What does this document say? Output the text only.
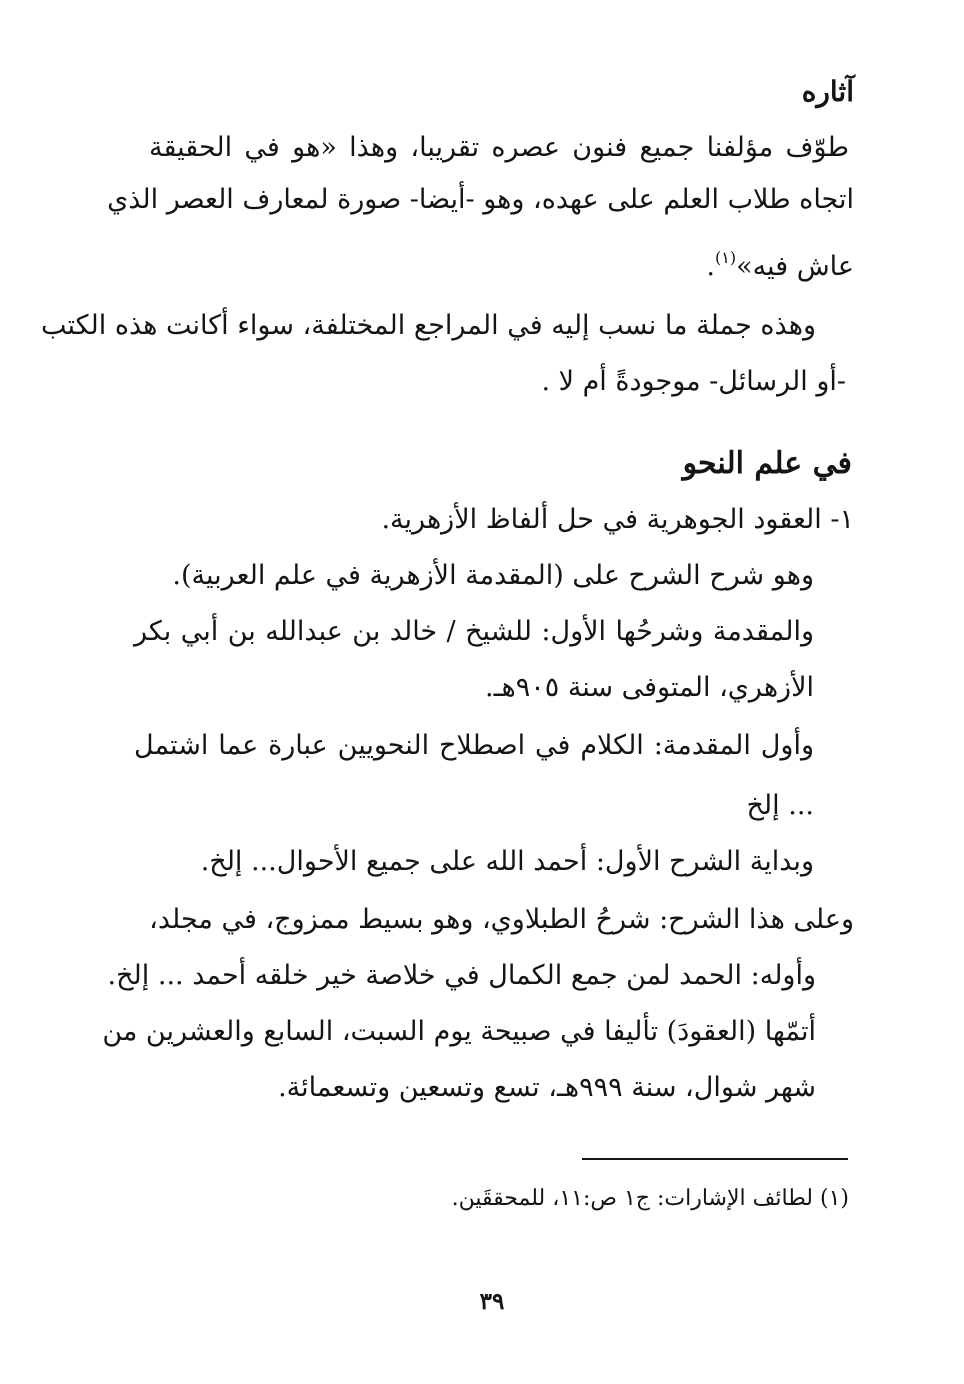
آثاره
طوّف مؤلفنا جميع فنون عصره تقريبا، وهذا «هو في الحقيقة
اتجاه طلاب العلم على عهده، وهو -أيضا- صورة لمعارف العصر الذي
عاش فيه»$^{(١)}$.
وهذه جملة ما نسب إليه في المراجع المختلفة، سواء أكانت هذه الكتب
-أو الرسائل- موجودةً أم لا .
في علم النحو
١- العقود الجوهرية في حل ألفاظ الأزهرية.
وهو شرح الشرح على (المقدمة الأزهرية في علم العربية).
والمقدمة وشرحُها الأول: للشيخ / خالد بن عبدالله بن أبي بكر
الأزهري، المتوفى سنة ٩٠٥هـ.
وأول المقدمة: الكلام في اصطلاح النحويين عبارة عما اشتمل
... إلخ
وبداية الشرح الأول: أحمد الله على جميع الأحوال... إلخ.
وعلى هذا الشرح: شرحُ الطبلاوي، وهو بسيط ممزوج، في مجلد،
وأوله: الحمد لمن جمع الكمال في خلاصة خير خلقه أحمد ... إلخ.
أتمّها (العقودَ) تأليفا في صبيحة يوم السبت، السابع والعشرين من
شهر شوال، سنة ٩٩٩هـ، تسع وتسعين وتسعمائة.
(١) لطائف الإشارات: ج١ ص:١١، للمحققَين.
٣٩
